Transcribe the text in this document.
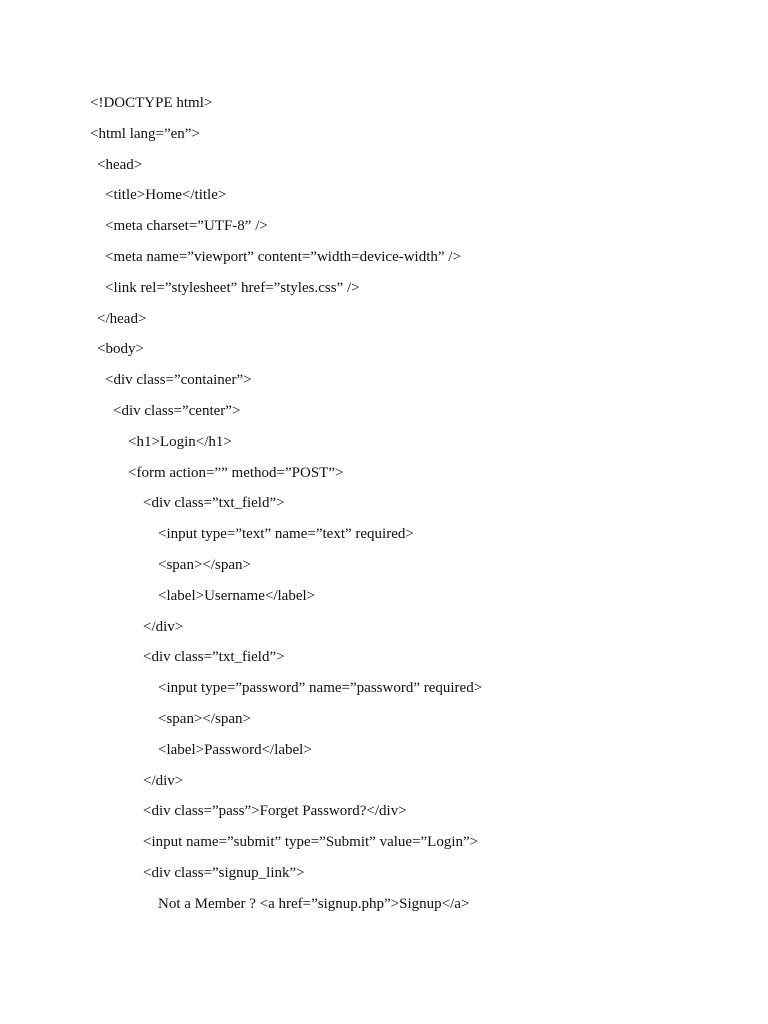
<!DOCTYPE html>
<html lang=”en”>
<head>
<title>Home</title>
<meta charset=”UTF-8” />
<meta name=”viewport” content=”width=device-width” />
<link rel=”stylesheet” href=”styles.css” />
</head>
<body>
<div class=”container”>
<div class=”center”>
<h1>Login</h1>
<form action=”” method=”POST”>
<div class=”txt_field”>
<input type=”text” name=”text” required>
<span></span>
<label>Username</label>
</div>
<div class=”txt_field”>
<input type=”password” name=”password” required>
<span></span>
<label>Password</label>
</div>
<div class=”pass”>Forget Password?</div>
<input name=”submit” type=”Submit” value=”Login”>
<div class=”signup_link”>
Not a Member ? <a href=”signup.php”>Signup</a>
